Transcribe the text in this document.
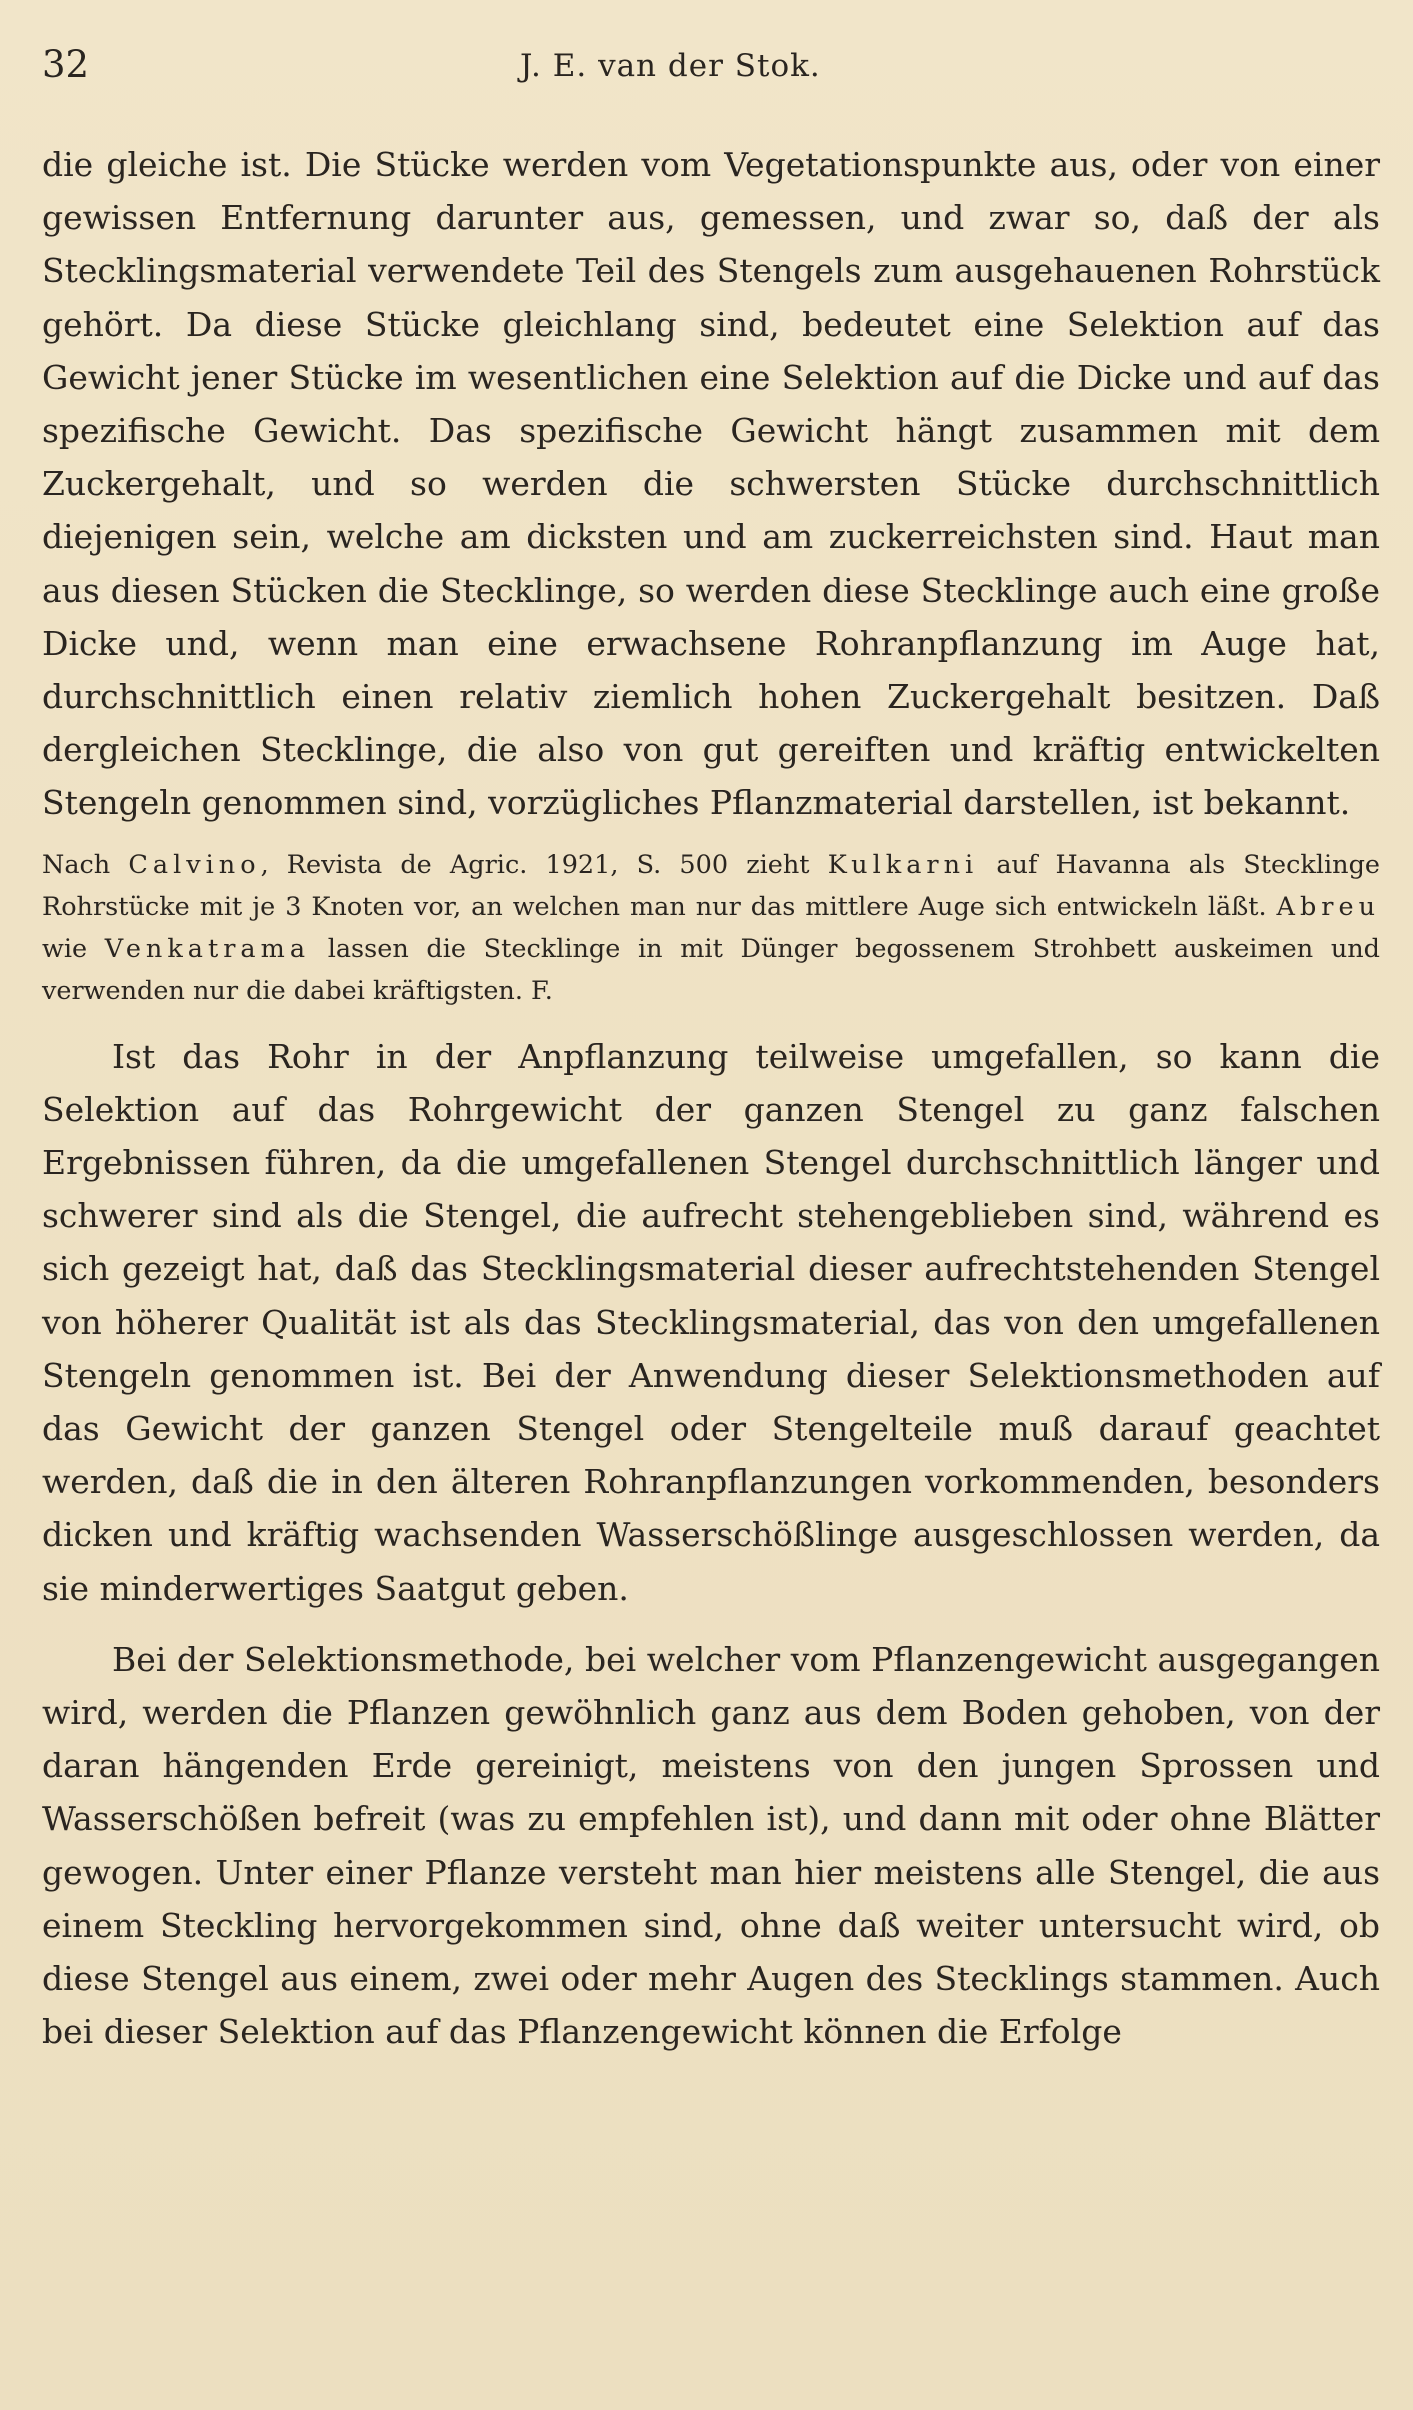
32	J. E. van der Stok.

die gleiche ist. Die Stücke werden vom Vegetationspunkte aus, oder von einer gewissen Entfernung darunter aus, gemessen, und zwar so, daß der als Stecklingsmaterial verwendete Teil des Stengels zum ausgehauenen Rohrstück gehört. Da diese Stücke gleichlang sind, bedeutet eine Selektion auf das Gewicht jener Stücke im wesentlichen eine Selektion auf die Dicke und auf das spezifische Gewicht. Das spezifische Gewicht hängt zusammen mit dem Zuckergehalt, und so werden die schwersten Stücke durchschnittlich diejenigen sein, welche am dicksten und am zuckerreichsten sind. Haut man aus diesen Stücken die Stecklinge, so werden diese Stecklinge auch eine große Dicke und, wenn man eine erwachsene Rohranpflanzung im Auge hat, durchschnittlich einen relativ ziemlich hohen Zuckergehalt besitzen. Daß dergleichen Stecklinge, die also von gut gereiften und kräftig entwickelten Stengeln genommen sind, vorzügliches Pflanzmaterial darstellen, ist bekannt.

Nach Calvino, Revista de Agric. 1921, S. 500 zieht Kulkarni auf Havanna als Stecklinge Rohrstücke mit je 3 Knoten vor, an welchen man nur das mittlere Auge sich entwickeln läßt. Abreu wie Venkatrama lassen die Stecklinge in mit Dünger begossenem Strohbett auskeimen und verwenden nur die dabei kräftigsten. F.

Ist das Rohr in der Anpflanzung teilweise umgefallen, so kann die Selektion auf das Rohrgewicht der ganzen Stengel zu ganz falschen Ergebnissen führen, da die umgefallenen Stengel durchschnittlich länger und schwerer sind als die Stengel, die aufrecht stehengeblieben sind, während es sich gezeigt hat, daß das Stecklingsmaterial dieser aufrechtstehenden Stengel von höherer Qualität ist als das Stecklingsmaterial, das von den umgefallenen Stengeln genommen ist. Bei der Anwendung dieser Selektionsmethoden auf das Gewicht der ganzen Stengel oder Stengelteile muß darauf geachtet werden, daß die in den älteren Rohranpflanzungen vorkommenden, besonders dicken und kräftig wachsenden Wasserschößlinge ausgeschlossen werden, da sie minderwertiges Saatgut geben.

Bei der Selektionsmethode, bei welcher vom Pflanzengewicht ausgegangen wird, werden die Pflanzen gewöhnlich ganz aus dem Boden gehoben, von der daran hängenden Erde gereinigt, meistens von den jungen Sprossen und Wasserschößen befreit (was zu empfehlen ist), und dann mit oder ohne Blätter gewogen. Unter einer Pflanze versteht man hier meistens alle Stengel, die aus einem Steckling hervorgekommen sind, ohne daß weiter untersucht wird, ob diese Stengel aus einem, zwei oder mehr Augen des Stecklings stammen. Auch bei dieser Selektion auf das Pflanzengewicht können die Erfolge
